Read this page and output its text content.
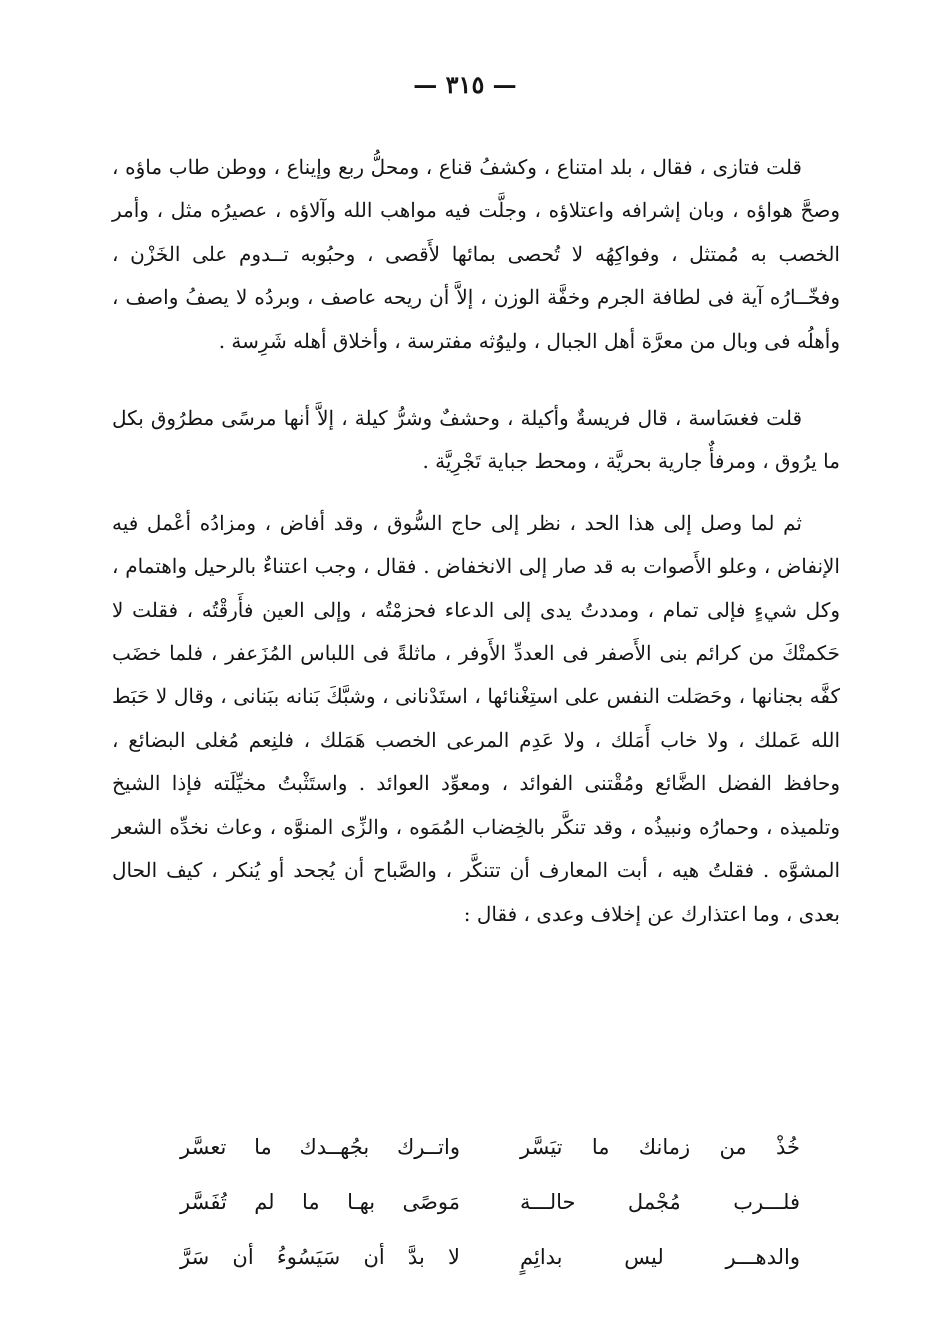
— ٣١٥ —

قلت فتازى ، فقال ، بلد امتناع ، وكشفُ قناع ، ومحلُّ ربع وإيناع ، ووطن طاب ماؤه ، وصحَّ هواؤه ، وبان إشرافه واعتلاؤه ، وجلَّت فيه مواهب الله وآلاؤه ، عصيرُه مثل ، وأمر الخصب به مُمتثل ، وفواكِهُه لا تُحصى بمائها لأَقصى ، وحبُوبه تــدوم على الخَزْن ، وفخّــارُه آية فى لطافة الجرم وخفَّة الوزن ، إلاَّ أن ريحه عاصف ، وبردُه لا يصفُ واصف ، وأهلُه فى وبال من معرَّة أهل الجبال ، وليوُثه مفترسة ، وأخلاق أهله شَرِسة .

قلت فغسَاسة ، قال فريسةٌ وأكيلة ، وحشفٌ وشرُّ كيلة ، إلاَّ أنها مرسًى مطرُوق بكل ما يرُوق ، ومرفأٌ جارية بحريَّة ، ومحط جباية تَجْرِيَّة .

ثم لما وصل إلى هذا الحد ، نظر إلى حاج السُّوق ، وقد أفاض ، ومزادُه أعْمل فيه الإنفاض ، وعلو الأَصوات به قد صار إلى الانخفاض . فقال ، وجب اعتناءٌ بالرحيل واهتمام ، وكل شيءٍ فإلى تمام ، ومددتُ يدى إلى الدعاء فحزمْتُه ، وإلى العين فأَرقْتُه ، فقلت لا حَكمتْكَ من كرائم بنى الأَصفر فى العددِّ الأَوفر ، ماثلةً فى اللباس المُزَعفر ، فلما خضَب كفَّه بجنانها ، وحَصَلت النفس على استِغْنائها ، استَدْنانى ، وشبَّكَ بَنانه ببَنانى ، وقال لا حَبَط الله عَملك ، ولا خاب أَمَلك ، ولا عَدِم المرعى الخصب هَمَلك ، فلنِعم مُغلى البضائع ، وحافظ الفضل الضَّائع ومُقْتنى الفوائد ، ومعوِّد العوائد . واستَثْبتُ مخيِّلَته فإذا الشيخ وتلميذه ، وحمارُه ونبيذُه ، وقد تنكَّر بالخِضاب المُمَوه ، والزِّى المنوَّه ، وعاث نخدِّه الشعر المشوَّه . فقلتُ هيه ، أبت المعارف أن تتنكَّر ، والصَّباح أن يُجحد أو يُنكر ، كيف الحال بعدى ، وما اعتذارك عن إخلاف وعدى ، فقال :

خُذْ من زمانك ما تيَسَّر
واتــرك بجُهــدك ما تعسَّر
فلـــرب مُجْمل حالـــة
مَوصًى بهـا ما لم تُفَسَّر
والدهـــر ليس بدائِمٍ
لا بدَّ أن سَيَسُوءُ أن سَرَّ
